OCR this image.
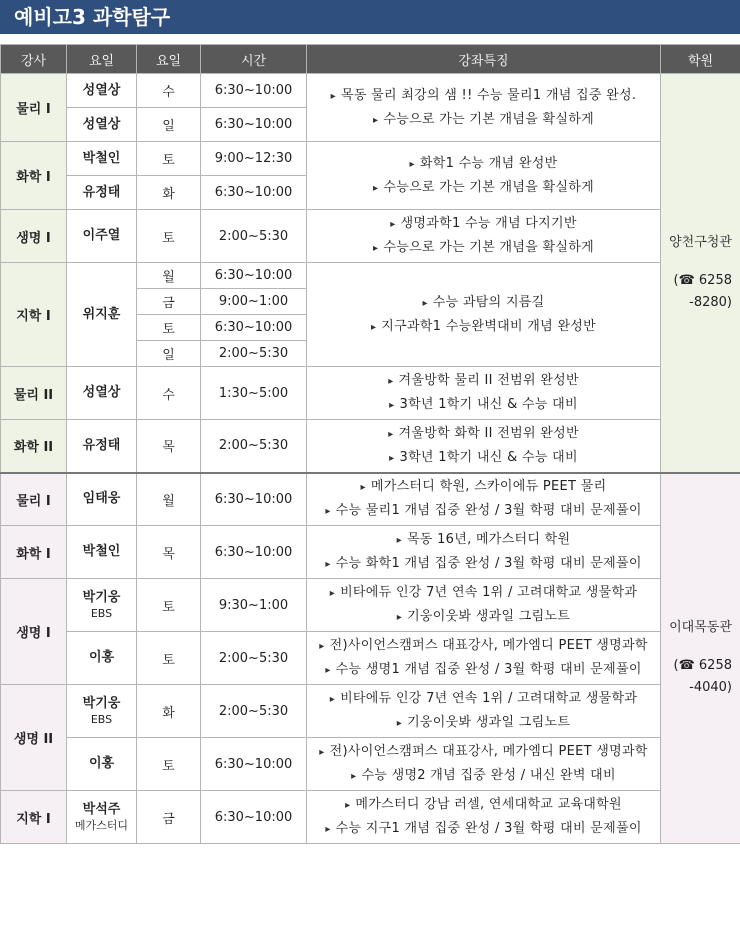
예비고3 과학탐구
강사	요일	요일	시간	강좌특징	학원
물리 I	성열상	수	6:30~10:00	▸ 목동 물리 최강의 샘 !! 수능 물리1 개념 집중 완성.
▸ 수능으로 가는 기본 개념을 확실하게	양천구청관
(☎ 6258
-8280)

	성열상	일	6:30~10:00		
화학 I	박철인	토	9:00~12:30	▸ 화학1 수능 개념 완성반
▸ 수능으로 가는 기본 개념을 확실하게

	유정태	화	6:30~10:00		
생명 I	이주열	토	2:00~5:30	▸ 생명과학1 수능 개념 다지기반
▸ 수능으로 가는 기본 개념을 확실하게

지학 I	위지훈	월	6:30~10:00	▸ 수능 과탐의 지름길
▸ 지구과학1 수능완벽대비 개념 완성반

		금	9:00~1:00		
		토	6:30~10:00		
		일	2:00~5:30		
물리 II	성열상	수	1:30~5:00	▸ 겨울방학 물리 II 전범위 완성반
▸ 3학년 1학기 내신 & 수능 대비

화학 II	유정태	목	2:00~5:30	▸ 겨울방학 화학 II 전범위 완성반
▸ 3학년 1학기 내신 & 수능 대비

물리 I	임태웅	월	6:30~10:00	▸ 메가스터디 학원, 스카이에듀 PEET 물리
▸ 수능 물리1 개념 집중 완성 / 3월 학평 대비 문제풀이	이대목동관
(☎ 6258
-4040)

화학 I	박철인	목	6:30~10:00	▸ 목동 16년, 메가스터디 학원
▸ 수능 화학1 개념 집중 완성 / 3월 학평 대비 문제풀이

생명 I	박기웅
EBS	토	9:30~1:00	▸ 비타에듀 인강 7년 연속 1위 / 고려대학교 생물학과
▸ 기웅이웃봐 생과일 그림노트

	이홍	토	2:00~5:30	▸ 전)사이언스캠퍼스 대표강사, 메가엠디 PEET 생명과학
▸ 수능 생명1 개념 집중 완성 / 3월 학평 대비 문제풀이

생명 II	박기웅
EBS	화	2:00~5:30	▸ 비타에듀 인강 7년 연속 1위 / 고려대학교 생물학과
▸ 기웅이웃봐 생과일 그림노트

	이홍	토	6:30~10:00	▸ 전)사이언스캠퍼스 대표강사, 메가엠디 PEET 생명과학
▸ 수능 생명2 개념 집중 완성 / 내신 완벽 대비

지학 I	박석주
메가스터디	금	6:30~10:00	▸ 메가스터디 강남 러셀, 연세대학교 교육대학원
▸ 수능 지구1 개념 집중 완성 / 3월 학평 대비 문제풀이
